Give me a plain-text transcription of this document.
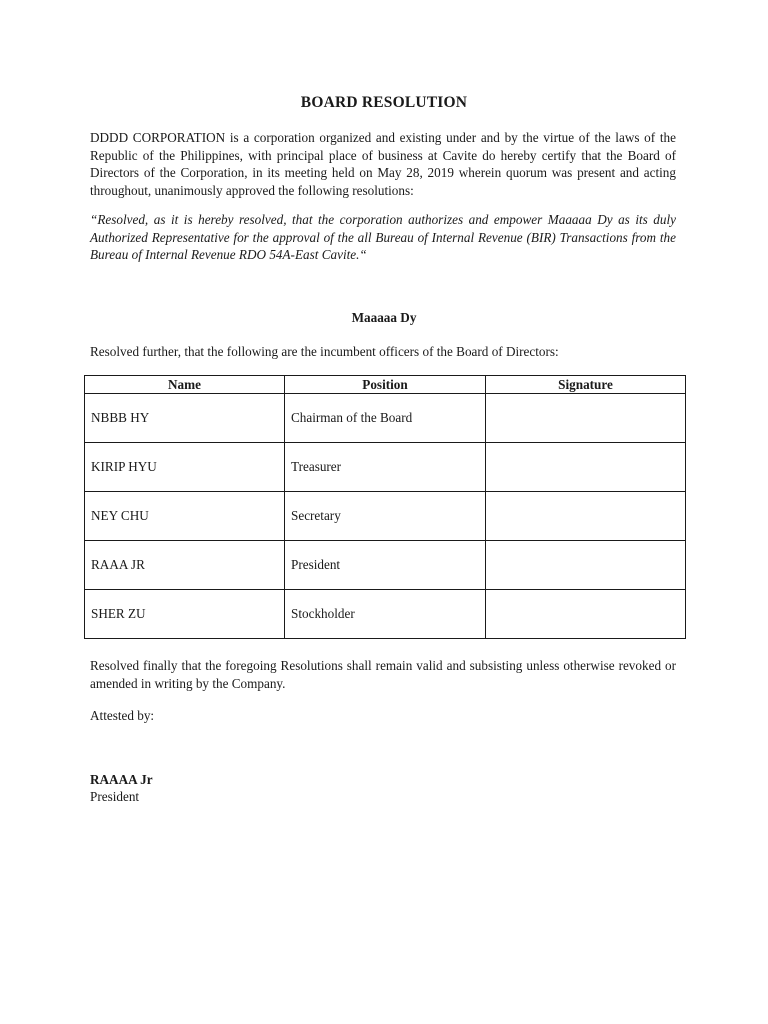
BOARD RESOLUTION
DDDD CORPORATION is a corporation organized and existing under and by the virtue of the laws of the Republic of the Philippines, with principal place of business at Cavite do hereby certify that the Board of Directors of the Corporation, in its meeting held on May 28, 2019 wherein quorum was present and acting throughout, unanimously approved the following resolutions:
“Resolved, as it is hereby resolved, that the corporation authorizes and empower Maaaaa Dy as its duly Authorized Representative for the approval of the all Bureau of Internal Revenue (BIR) Transactions from the Bureau of Internal Revenue RDO 54A-East Cavite.“
Maaaaa Dy
Resolved further, that the following are the incumbent officers of the Board of Directors:
Name	Position	Signature
NBBB HY	Chairman of the Board	
KIRIP HYU	Treasurer	
NEY CHU	Secretary	
RAAA JR	President	
SHER ZU	Stockholder	
Resolved finally that the foregoing Resolutions shall remain valid and subsisting unless otherwise revoked or amended in writing by the Company.
Attested by:
RAAAA Jr
President
